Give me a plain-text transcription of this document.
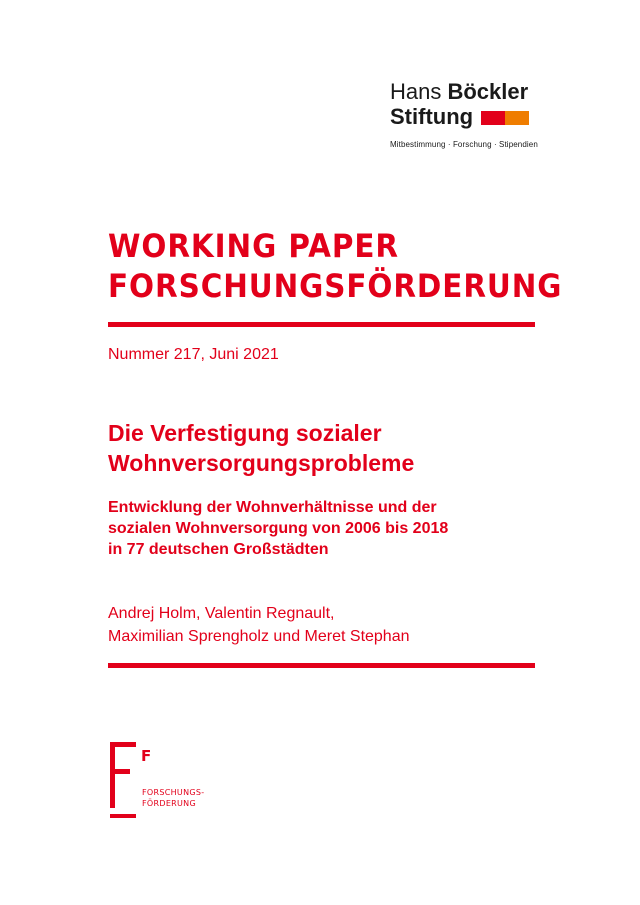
Hans Böckler
Stiftung
Mitbestimmung · Forschung · Stipendien
WORKING PAPER
FORSCHUNGSFÖRDERUNG
Nummer 217, Juni 2021
Die Verfestigung sozialer
Wohnversorgungsprobleme
Entwicklung der Wohnverhältnisse und der
sozialen Wohnversorgung von 2006 bis 2018
in 77 deutschen Großstädten
Andrej Holm, Valentin Regnault,
Maximilian Sprengholz und Meret Stephan
F
FORSCHUNGS-
FÖRDERUNG
